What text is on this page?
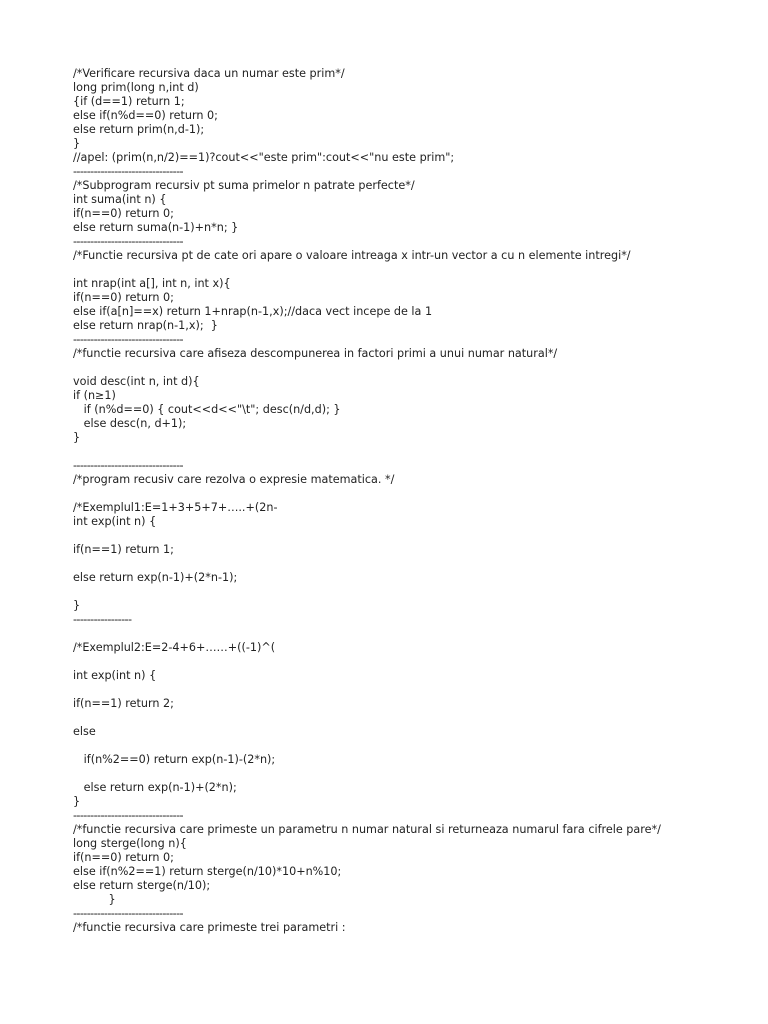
/*Verificare recursiva daca un numar este prim*/
long prim(long n,int d)
{if (d==1) return 1;
else if(n%d==0) return 0;
else return prim(n,d-1);
}
//apel: (prim(n,n/2)==1)?cout<<"este prim":cout<<"nu este prim";
--------------------------------
/*Subprogram recursiv pt suma primelor n patrate perfecte*/
int suma(int n) {
if(n==0) return 0;
else return suma(n-1)+n*n; }
--------------------------------
/*Functie recursiva pt de cate ori apare o valoare intreaga x intr-un vector a cu n elemente intregi*/
int nrap(int a[], int n, int x){
if(n==0) return 0;
else if(a[n]==x) return 1+nrap(n-1,x);//daca vect incepe de la 1
else return nrap(n-1,x);  }
--------------------------------
/*functie recursiva care afiseza descompunerea in factori primi a unui numar natural*/
void desc(int n, int d){
if (n≥1)
if (n%d==0) { cout<<d<<"\t"; desc(n/d,d); }
else desc(n, d+1);
}
--------------------------------
/*program recusiv care rezolva o expresie matematica. */
/*Exemplul1:E=1+3+5+7+…..+(2n-
int exp(int n) {
if(n==1) return 1;
else return exp(n-1)+(2*n-1);
}
-----------------
/*Exemplul2:E=2-4+6+……+((-1)^(
int exp(int n) {
if(n==1) return 2;
else
if(n%2==0) return exp(n-1)-(2*n);
else return exp(n-1)+(2*n);
}
--------------------------------
/*functie recursiva care primeste un parametru n numar natural si returneaza numarul fara cifrele pare*/
long sterge(long n){
if(n==0) return 0;
else if(n%2==1) return sterge(n/10)*10+n%10;
else return sterge(n/10);
}
--------------------------------
/*functie recursiva care primeste trei parametri :
